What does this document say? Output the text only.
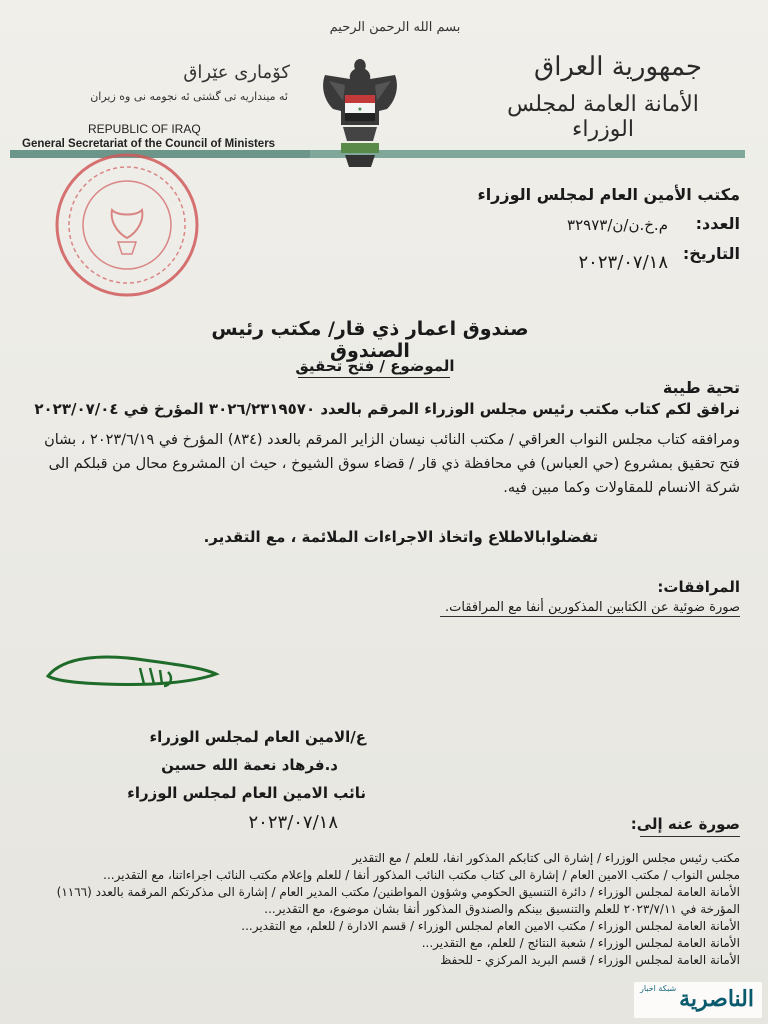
بسم الله الرحمن الرحيم
جمهورية العراق
الأمانة العامة لمجلس الوزراء
كۆماری عێراق
ئه مینداریه تی گشتی ئه نجومه نی وه زیران
REPUBLIC OF IRAQ
General Secretariat of the Council of Ministers
★
مكتب الأمين العام لمجلس الوزراء
العدد:
م.خ.ن/ن/٣٢٩٧٣
التاريخ:
٢٠٢٣/٠٧/١٨
صندوق اعمار ذي قار/ مكتب رئيس الصندوق
الموضوع / فتح تحقيق
تحية طيبة
نرافق لكم كتاب مكتب رئيس مجلس الوزراء المرقم بالعدد ٣٠٢٦/٢٣١٩٥٧٠ المؤرخ في ٢٠٢٣/٠٧/٠٤
ومرافقه كتاب مجلس النواب العراقي / مكتب النائب نيسان الزاير المرقم بالعدد (٨٣٤) المؤرخ في ٢٠٢٣/٦/١٩ ، بشان
فتح تحقيق بمشروع (حي العباس) في محافظة ذي قار / قضاء سوق الشيوخ ، حيث ان المشروع محال من قبلكم الى
شركة الانسام للمقاولات وكما مبين فيه.
تفضلوابالاطلاع واتخاذ الاجراءات الملائمة ، مع التقدير.
المرافقات:
صورة ضوئية عن الكتابين المذكورين أنفا مع المرافقات.
ع/الامين العام لمجلس الوزراء
د.فرهاد نعمة الله حسين
نائب الامين العام لمجلس الوزراء
٢٠٢٣/٠٧/١٨	صورة عنه إلى:
مكتب رئيس مجلس الوزراء / إشارة الى كتابكم المذكور انفا، للعلم / مع التقدير
مجلس النواب / مكتب الامين العام / إشارة الى كتاب مكتب النائب المذكور أنفا / للعلم وإعلام مكتب النائب اجراءاتنا، مع التقدير...
الأمانة العامة لمجلس الوزراء / دائرة التنسيق الحكومي وشؤون المواطنين/ مكتب المدير العام / إشارة الى مذكرتكم المرقمة بالعدد (١١٦٦)
المؤرخة في ٢٠٢٣/٧/١١ للعلم والتنسيق بينكم والصندوق المذكور أنفا بشان موضوع، مع التقدير...
الأمانة العامة لمجلس الوزراء / مكتب الامين العام لمجلس الوزراء / قسم الادارة / للعلم، مع التقدير...
الأمانة العامة لمجلس الوزراء / شعبة النتائج / للعلم، مع التقدير...
الأمانة العامة لمجلس الوزراء / قسم البريد المركزي - للحفظ
شبكة اخبار الناصرية
